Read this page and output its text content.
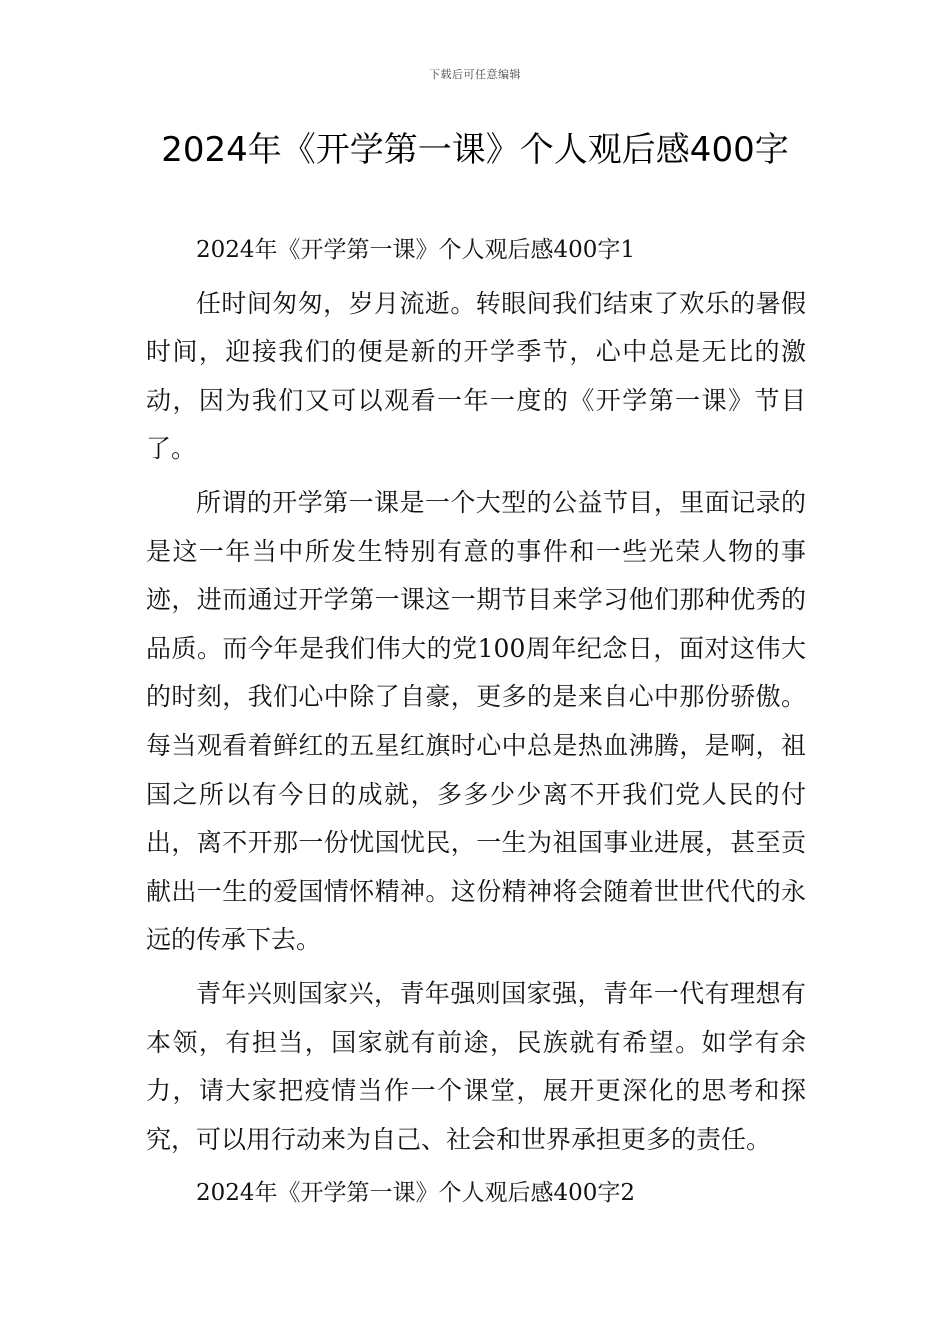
下载后可任意编辑
2024年《开学第一课》个人观后感400字

2024年《开学第一课》个人观后感400字1

任时间匆匆，岁月流逝。转眼间我们结束了欢乐的暑假时间，迎接我们的便是新的开学季节，心中总是无比的激动，因为我们又可以观看一年一度的《开学第一课》节目了。

所谓的开学第一课是一个大型的公益节目，里面记录的是这一年当中所发生特别有意的事件和一些光荣人物的事迹，进而通过开学第一课这一期节目来学习他们那种优秀的品质。而今年是我们伟大的党100周年纪念日，面对这伟大的时刻，我们心中除了自豪，更多的是来自心中那份骄傲。每当观看着鲜红的五星红旗时心中总是热血沸腾，是啊，祖国之所以有今日的成就，多多少少离不开我们党人民的付出，离不开那一份忧国忧民，一生为祖国事业进展，甚至贡献出一生的爱国情怀精神。这份精神将会随着世世代代的永远的传承下去。

青年兴则国家兴，青年强则国家强，青年一代有理想有本领，有担当，国家就有前途，民族就有希望。如学有余力，请大家把疫情当作一个课堂，展开更深化的思考和探究，可以用行动来为自己、社会和世界承担更多的责任。

2024年《开学第一课》个人观后感400字2
